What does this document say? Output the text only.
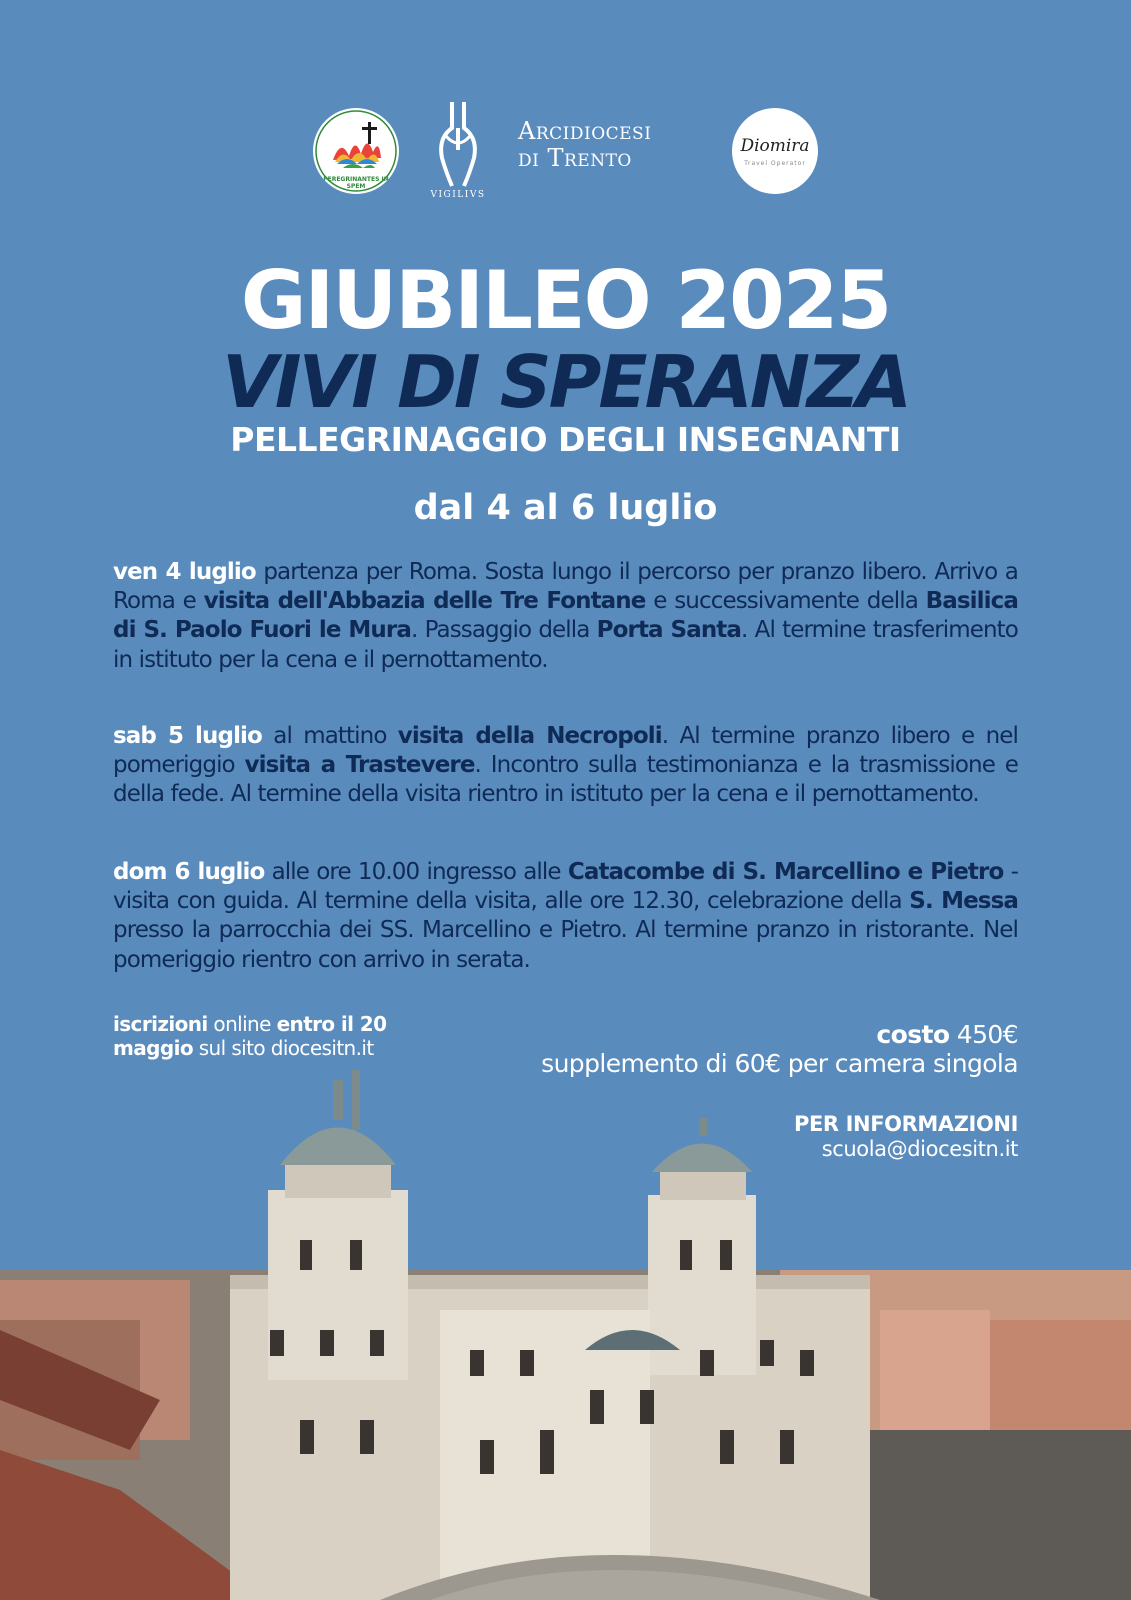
PEREGRINANTES IN SPEM
VIGILIVS
Arcidiocesi
di Trento	Diomira
Travel Operator
GIUBILEO 2025
VIVI DI SPERANZA
PELLEGRINAGGIO DEGLI INSEGNANTI
dal 4 al 6 luglio
ven 4 luglio partenza per Roma. Sosta lungo il percorso per pranzo libero. Arrivo a Roma e visita dell'Abbazia delle Tre Fontane e successivamente della Basilica di S. Paolo Fuori le Mura. Passaggio della Porta Santa. Al termine trasferimento in istituto per la cena e il pernottamento.
sab 5 luglio al mattino visita della Necropoli. Al termine pranzo libero e nel pomeriggio visita a Trastevere. Incontro sulla testimonianza e la trasmissione e della fede. Al termine della visita rientro in istituto per la cena e il pernottamento.
dom 6 luglio alle ore 10.00 ingresso alle Catacombe di S. Marcellino e Pietro - visita con guida. Al termine della visita, alle ore 12.30, celebrazione della S. Messa presso la parrocchia dei SS. Marcellino e Pietro. Al termine pranzo in ristorante. Nel pomeriggio rientro con arrivo in serata.
iscrizioni online entro il 20 maggio sul sito diocesitn.it	costo 450€
supplemento di 60€ per camera singola
PER INFORMAZIONI
scuola@diocesitn.it
